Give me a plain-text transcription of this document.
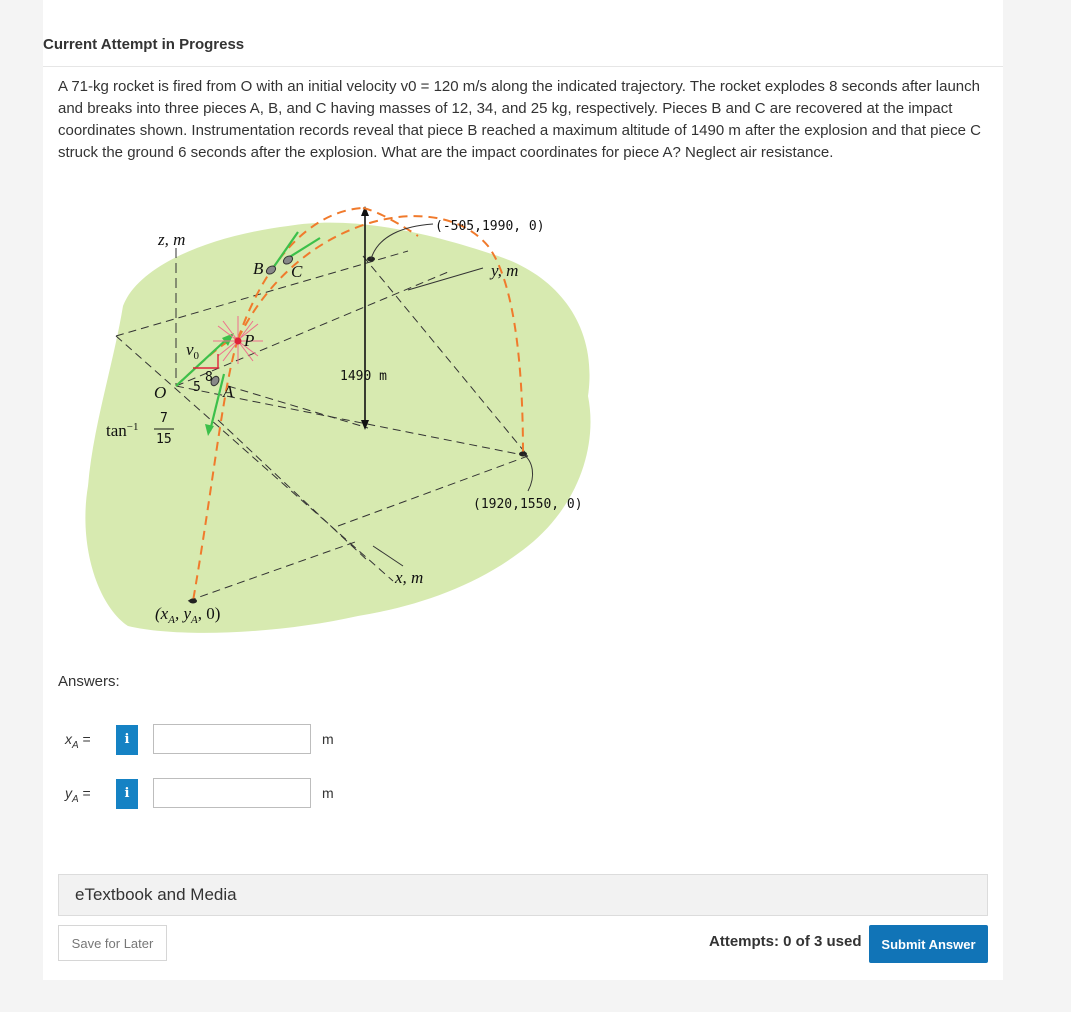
Current Attempt in Progress
A 71-kg rocket is fired from O with an initial velocity v0 = 120 m/s along the indicated trajectory. The rocket explodes 8 seconds after launch and breaks into three pieces A, B, and C having masses of 12, 34, and 25 kg, respectively. Pieces B and C are recovered at the impact coordinates shown. Instrumentation records reveal that piece B reached a maximum altitude of 1490 m after the explosion and that piece C struck the ground 6 seconds after the explosion. What are the impact coordinates for piece A? Neglect air resistance.
z, m
y, m
x, m
O
B C
P
A
$v_0$
$\tan^{-1}$
($x_A$, $y_A$, 0)
8
5
7
15
1490 m
(-505,1990, 0)
(1920,1550, 0)
Answers:
$x_A$ =	i	m
$y_A$ =	i	m
eTextbook and Media
Save for Later	Attempts: 0 of 3 used	Submit Answer
